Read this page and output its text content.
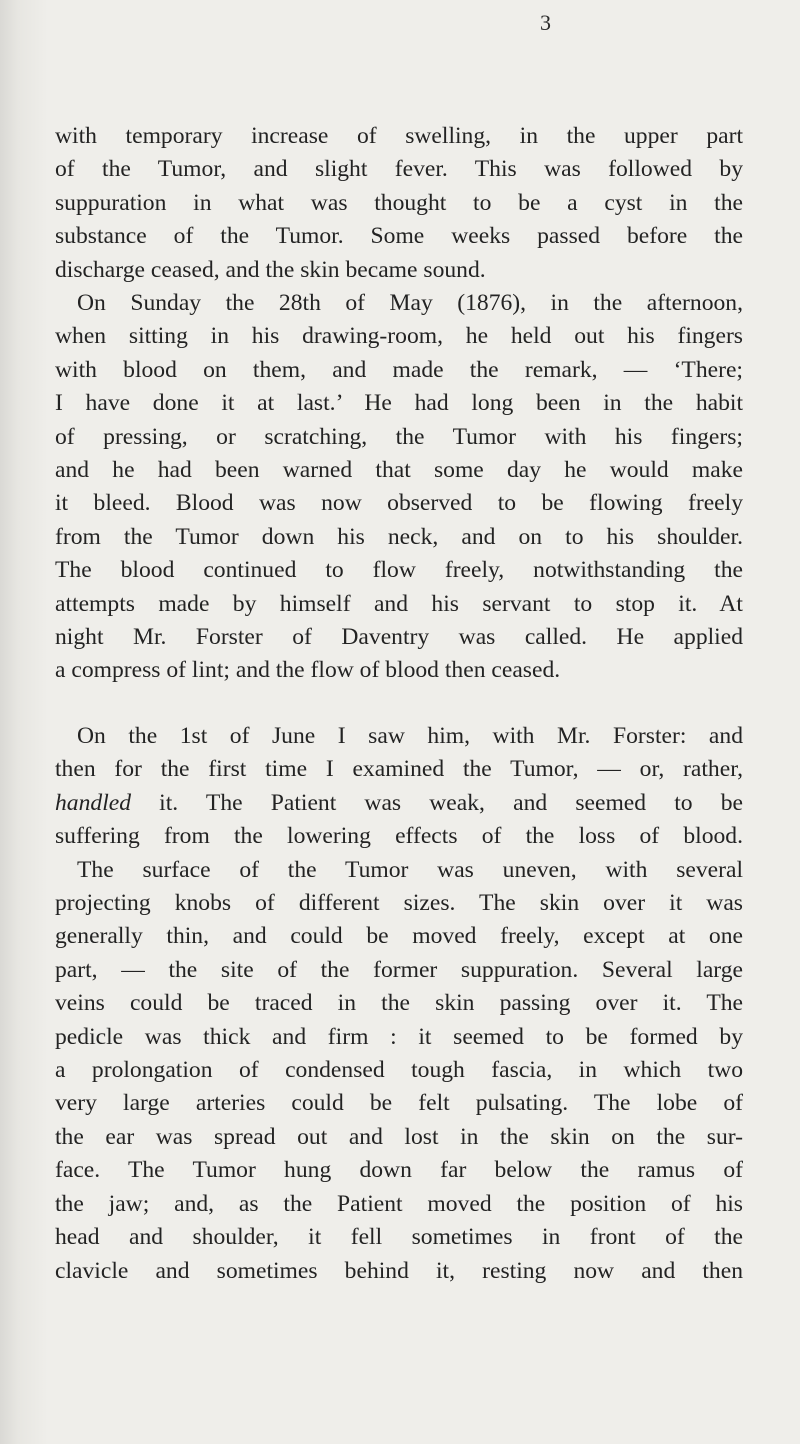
3
with temporary increase of swelling, in the upper part
of the Tumor, and slight fever. This was followed by
suppuration in what was thought to be a cyst in the
substance of the Tumor. Some weeks passed before the
discharge ceased, and the skin became sound.
On Sunday the 28th of May (1876), in the afternoon,
when sitting in his drawing-room, he held out his fingers
with blood on them, and made the remark, — ‘There;
I have done it at last.’ He had long been in the habit
of pressing, or scratching, the Tumor with his fingers;
and he had been warned that some day he would make
it bleed. Blood was now observed to be flowing freely
from the Tumor down his neck, and on to his shoulder.
The blood continued to flow freely, notwithstanding the
attempts made by himself and his servant to stop it. At
night Mr. Forster of Daventry was called. He applied
a compress of lint; and the flow of blood then ceased.
On the 1st of June I saw him, with Mr. Forster: and
then for the first time I examined the Tumor, — or, rather,
handled it. The Patient was weak, and seemed to be
suffering from the lowering effects of the loss of blood.
The surface of the Tumor was uneven, with several
projecting knobs of different sizes. The skin over it was
generally thin, and could be moved freely, except at one
part, — the site of the former suppuration. Several large
veins could be traced in the skin passing over it. The
pedicle was thick and firm : it seemed to be formed by
a prolongation of condensed tough fascia, in which two
very large arteries could be felt pulsating. The lobe of
the ear was spread out and lost in the skin on the sur-
face. The Tumor hung down far below the ramus of
the jaw; and, as the Patient moved the position of his
head and shoulder, it fell sometimes in front of the
clavicle and sometimes behind it, resting now and then
